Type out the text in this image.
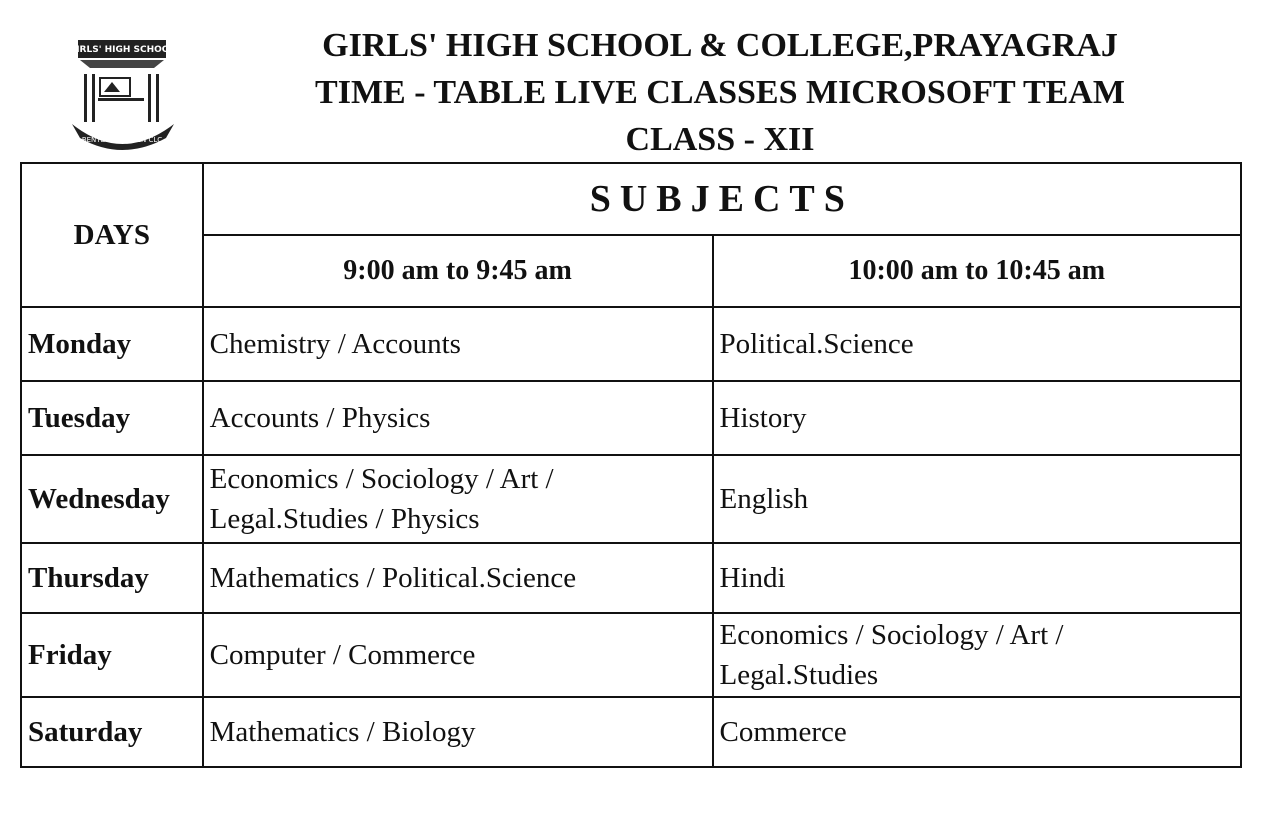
GIRLS' HIGH SCHOOL
BENTEN PROHTEN CLC
GIRLS' HIGH SCHOOL & COLLEGE,PRAYAGRAJ
TIME - TABLE LIVE CLASSES MICROSOFT TEAM
CLASS - XII
DAYS	SUBJECTS	
	9:00 am to 9:45 am	10:00 am to 10:45 am
Monday	Chemistry / Accounts	Political.Science
Tuesday	Accounts / Physics	History
Wednesday	Economics / Sociology / Art / Legal.Studies / Physics	English
Thursday	Mathematics / Political.Science	Hindi
Friday	Computer / Commerce	Economics / Sociology / Art / Legal.Studies
Saturday	Mathematics / Biology	Commerce
